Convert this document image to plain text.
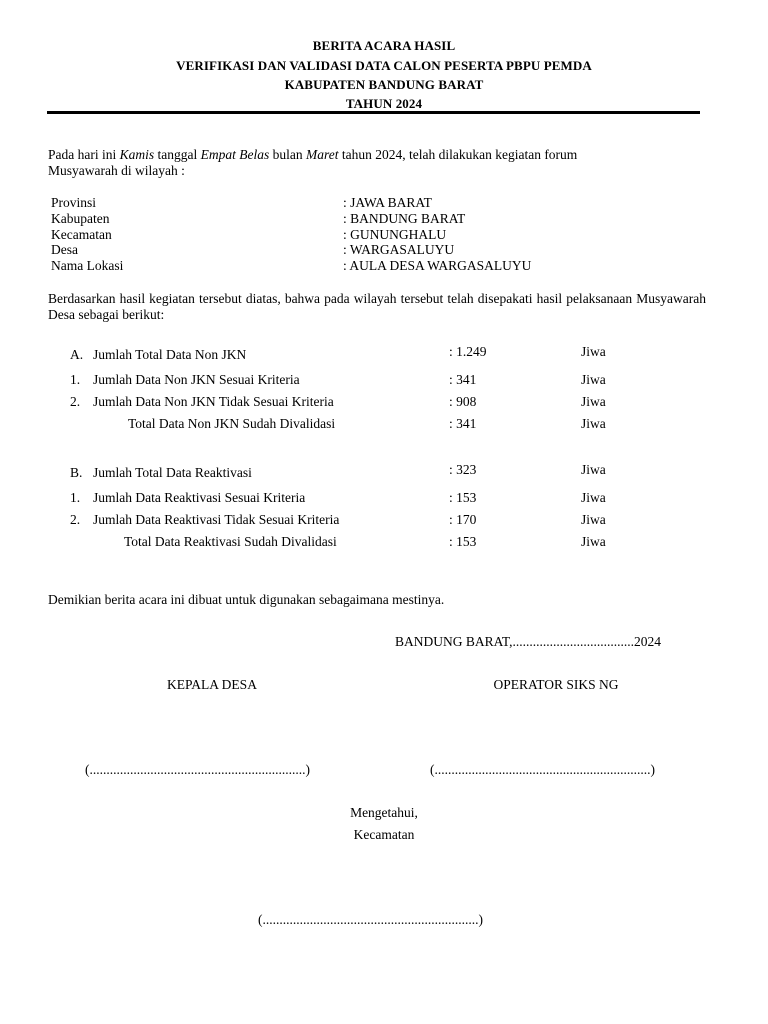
BERITA ACARA HASIL
VERIFIKASI DAN VALIDASI DATA CALON PESERTA PBPU PEMDA
KABUPATEN BANDUNG BARAT
TAHUN 2024
Pada hari ini Kamis tanggal Empat Belas bulan Maret tahun 2024, telah dilakukan kegiatan forum
Musyawarah di wilayah :
Provinsi	: JAWA BARAT
Kabupaten	: BANDUNG BARAT
Kecamatan	: GUNUNGHALU
Desa	: WARGASALUYU
Nama Lokasi	: AULA DESA WARGASALUYU
Berdasarkan hasil kegiatan tersebut diatas, bahwa pada wilayah tersebut telah disepakati hasil pelaksanaan Musyawarah Desa sebagai berikut:
A. Jumlah Total Data Non JKN	: 1.249	Jiwa
1. Jumlah Data Non JKN Sesuai Kriteria	: 341	Jiwa
2. Jumlah Data Non JKN Tidak Sesuai Kriteria	: 908	Jiwa
Total Data Non JKN Sudah Divalidasi	: 341	Jiwa
B. Jumlah Total Data Reaktivasi	: 323	Jiwa
1. Jumlah Data Reaktivasi Sesuai Kriteria	: 153	Jiwa
2. Jumlah Data Reaktivasi Tidak Sesuai Kriteria	: 170	Jiwa
Total Data Reaktivasi Sudah Divalidasi	: 153	Jiwa
Demikian berita acara ini dibuat untuk digunakan sebagaimana mestinya.
BANDUNG BARAT,....................................2024
KEPALA DESA	OPERATOR SIKS NG
(................................................................)	(................................................................)
Mengetahui,
Kecamatan
(................................................................)
